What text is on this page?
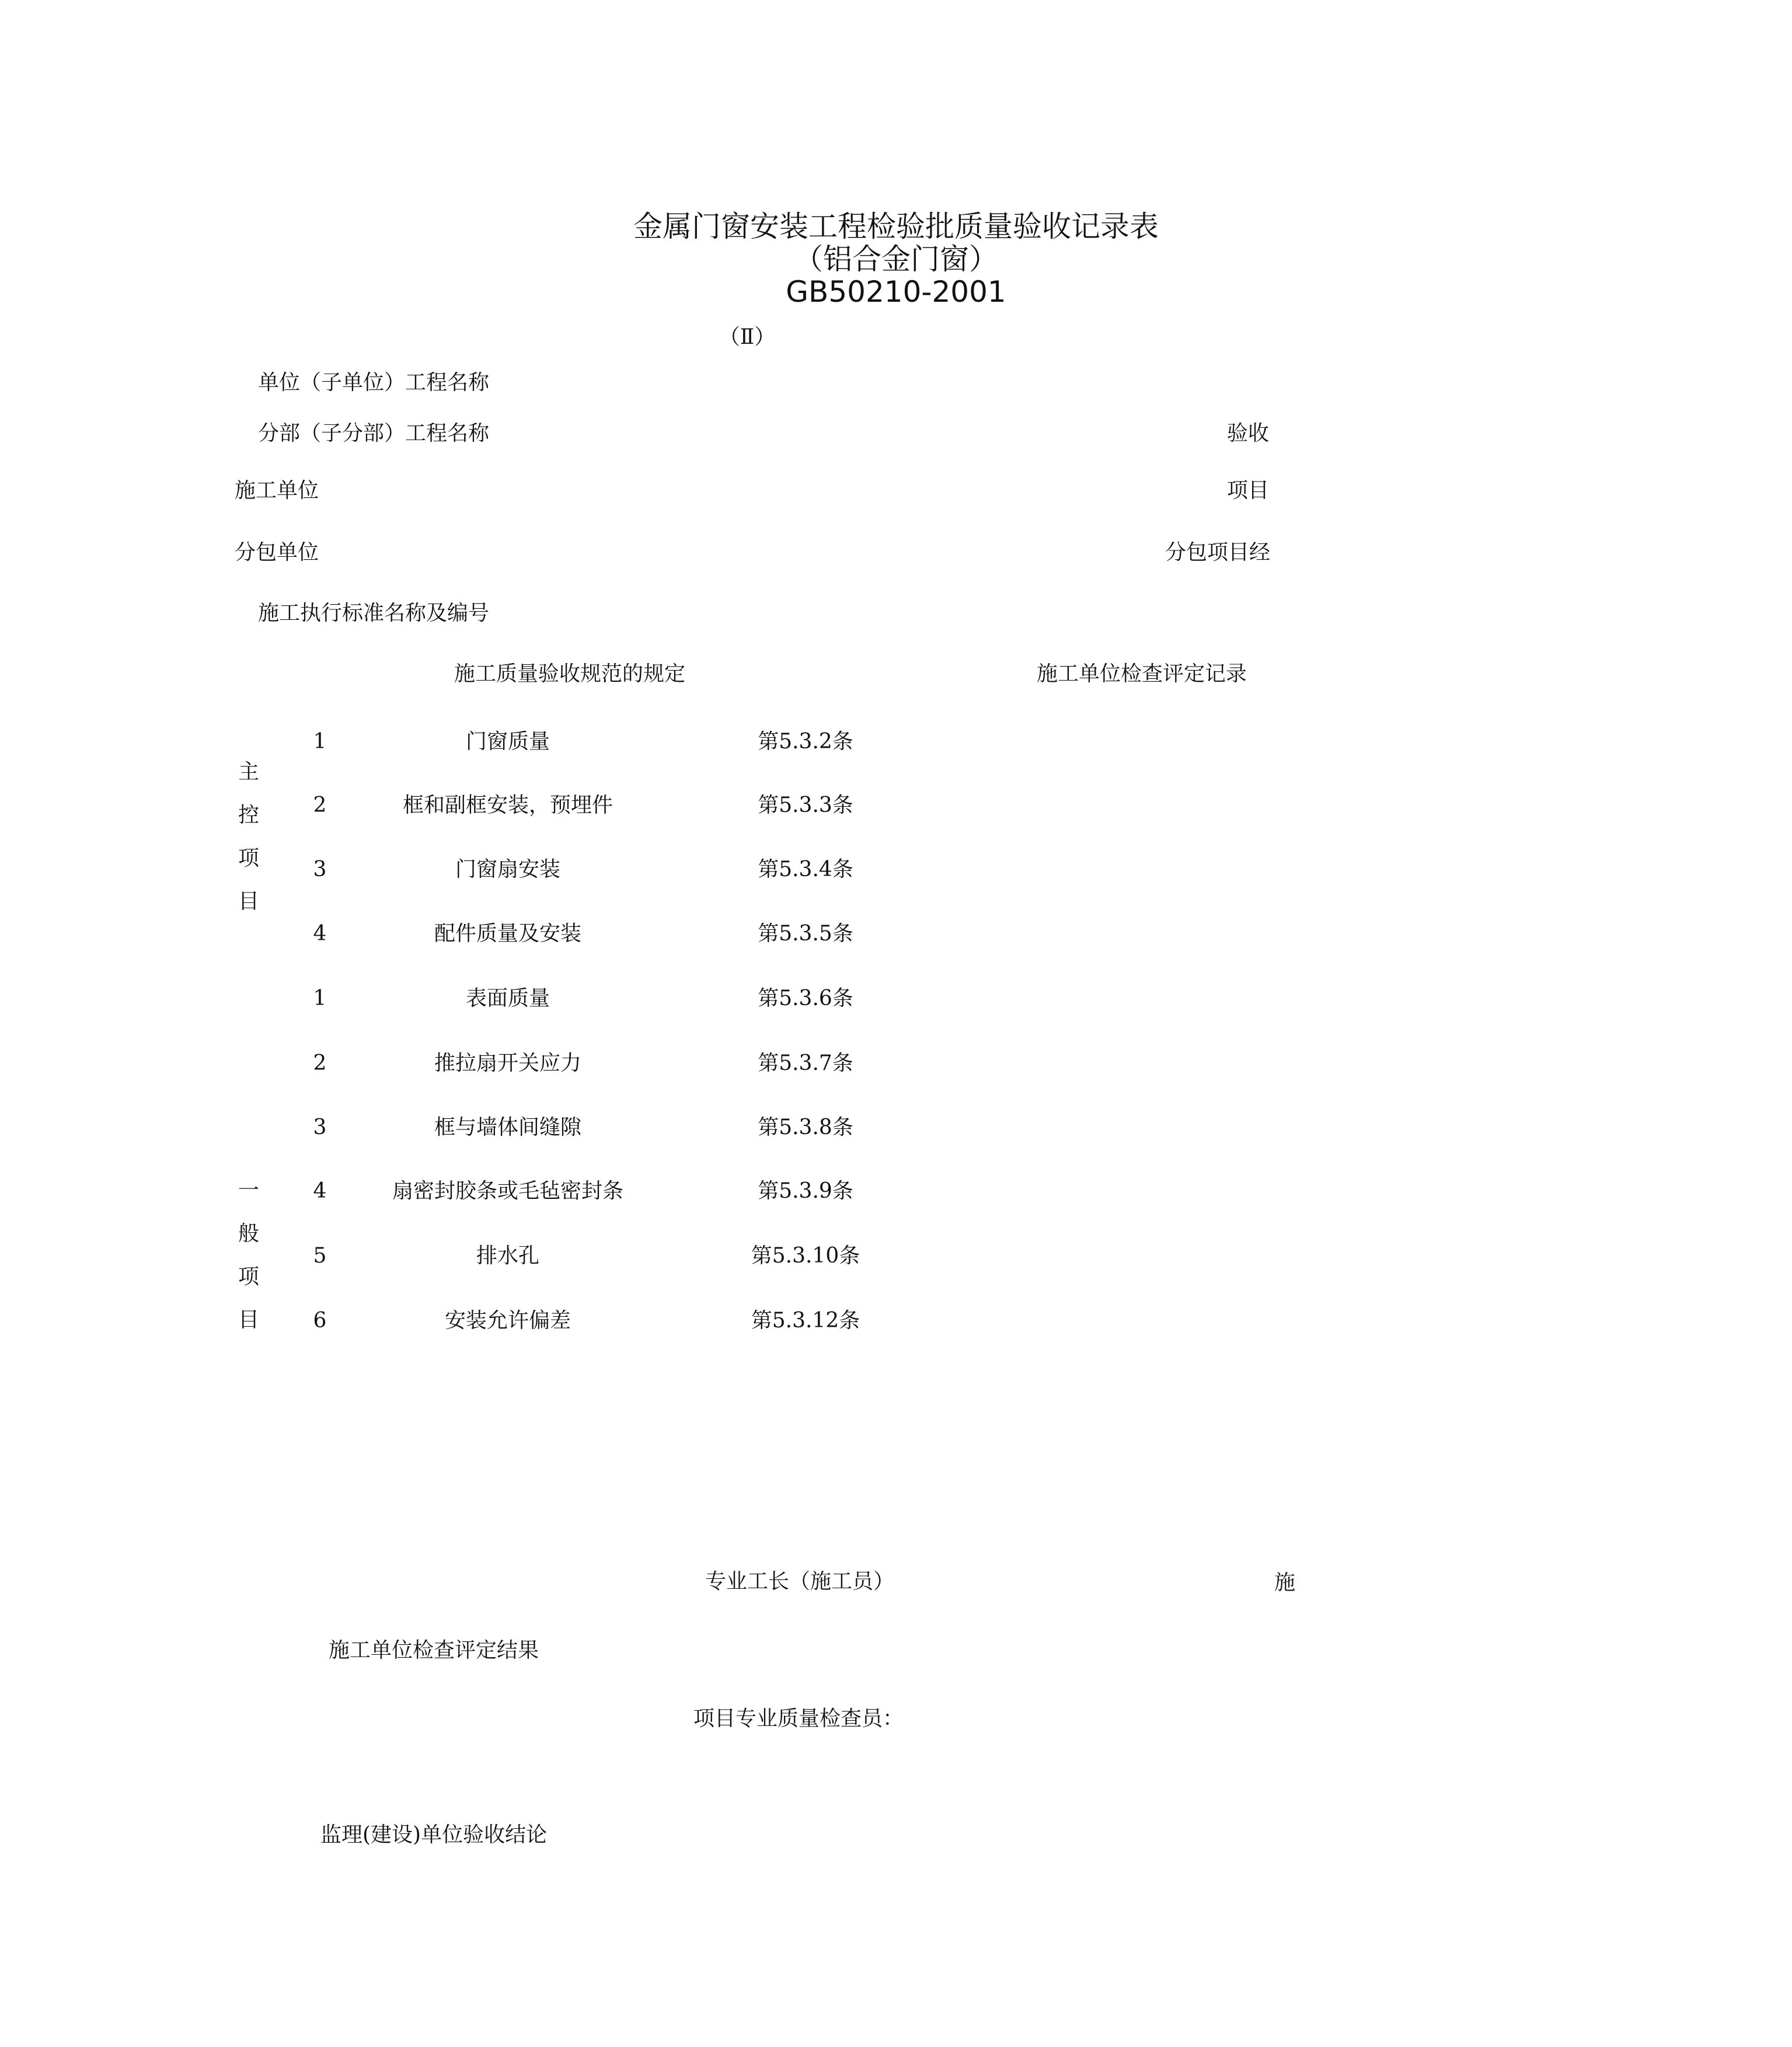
金属门窗安装工程检验批质量验收记录表
（铝合金门窗）
GB50210-2001
（Ⅱ）
单位（子单位）工程名称
分部（子分部）工程名称	验收
施工单位	项目
分包单位	分包项目经
施工执行标准名称及编号
施工质量验收规范的规定	施工单位检查评定记录
主
控
项
目
1	门窗质量	第5.3.2条
2	框和副框安装，预埋件	第5.3.3条
3	门窗扇安装	第5.3.4条
4	配件质量及安装	第5.3.5条
一
般
项
目
1	表面质量	第5.3.6条
2	推拉扇开关应力	第5.3.7条
3	框与墙体间缝隙	第5.3.8条
4	扇密封胶条或毛毡密封条	第5.3.9条
5	排水孔	第5.3.10条
6	安装允许偏差	第5.3.12条
专业工长（施工员）	施
施工单位检查评定结果
项目专业质量检查员：
监理(建设)单位验收结论
